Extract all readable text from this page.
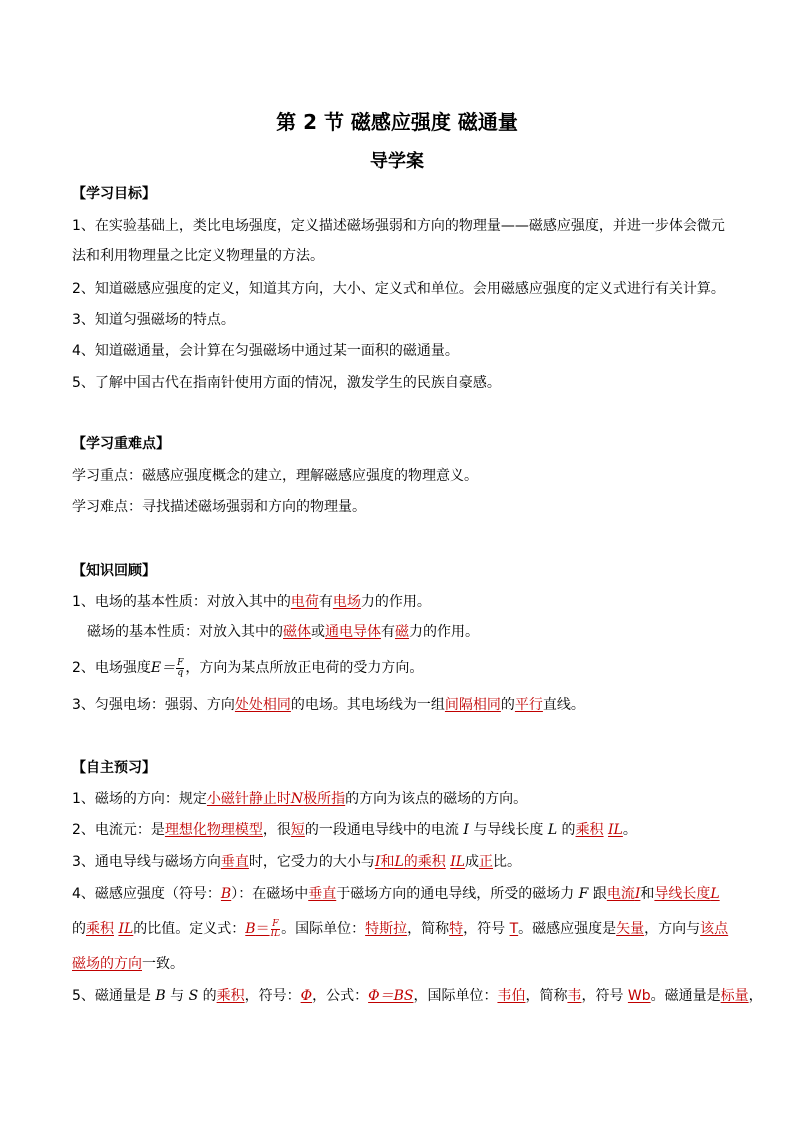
第 2 节 磁感应强度 磁通量
导学案
【学习目标】
1、在实验基础上，类比电场强度，定义描述磁场强弱和方向的物理量——磁感应强度，并进一步体会微元
法和利用物理量之比定义物理量的方法。
2、知道磁感应强度的定义，知道其方向，大小、定义式和单位。会用磁感应强度的定义式进行有关计算。
3、知道匀强磁场的特点。
4、知道磁通量，会计算在匀强磁场中通过某一面积的磁通量。
5、了解中国古代在指南针使用方面的情况，激发学生的民族自豪感。
【学习重难点】
学习重点：磁感应强度概念的建立，理解磁感应强度的物理意义。
学习难点：寻找描述磁场强弱和方向的物理量。
【知识回顾】
1、电场的基本性质：对放入其中的电荷有电场力的作用。
磁场的基本性质：对放入其中的磁体或通电导体有磁力的作用。
2、电场强度$E= \frac{F}{q}$ ，方向为某点所放正电荷的受力方向。
3、匀强电场：强弱、方向处处相同的电场。其电场线为一组间隔相同的平行直线。
【自主预习】
1、磁场的方向：规定小磁针静止时N极所指的方向为该点的磁场的方向。
2、电流元：是理想化物理模型，很短的一段通电导线中的电流 I 与导线长度 L 的乘积 IL。
3、通电导线与磁场方向垂直时，它受力的大小与I和L的乘积 IL成正比。
4、磁感应强度（符号：B）：在磁场中垂直于磁场方向的通电导线，所受的磁场力 F 跟电流I和导线长度L
的乘积 IL的比值。定义式：$B= \frac{F}{IL}$ 。国际单位：特斯拉，简称特，符号 T。磁感应强度是矢量，方向与该点
磁场的方向一致。
5、磁通量是 B 与 S 的乘积，符号：Φ，公式：Φ＝BS，国际单位：韦伯，简称韦，符号 Wb。磁通量是标量，
